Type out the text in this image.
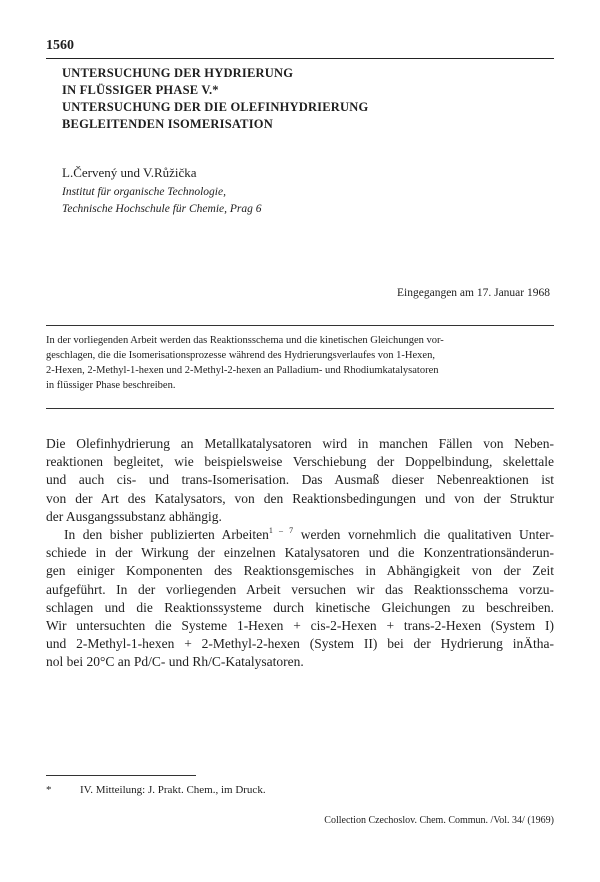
1560
UNTERSUCHUNG DER HYDRIERUNG
IN FLÜSSIGER PHASE V.*
UNTERSUCHUNG DER DIE OLEFINHYDRIERUNG
BEGLEITENDEN ISOMERISATION
L.Červený und V.Růžička
Institut für organische Technologie,
Technische Hochschule für Chemie, Prag 6
Eingegangen am 17. Januar 1968
In der vorliegenden Arbeit werden das Reaktionsschema und die kinetischen Gleichungen vor-
geschlagen, die die Isomerisationsprozesse während des Hydrierungsverlaufes von 1-Hexen,
2-Hexen, 2-Methyl-1-hexen und 2-Methyl-2-hexen an Palladium- und Rhodiumkatalysatoren
in flüssiger Phase beschreiben.
Die Olefinhydrierung an Metallkatalysatoren wird in manchen Fällen von Neben-
reaktionen begleitet, wie beispielsweise Verschiebung der Doppelbindung, skelettale
und auch cis- und trans-Isomerisation. Das Ausmaß dieser Nebenreaktionen ist
von der Art des Katalysators, von den Reaktionsbedingungen und von der Struktur
der Ausgangssubstanz abhängig.
In den bisher publizierten Arbeiten$^{1 - 7}$ werden vornehmlich die qualitativen Unter-
schiede in der Wirkung der einzelnen Katalysatoren und die Konzentrationsänderun-
gen einiger Komponenten des Reaktionsgemisches in Abhängigkeit von der Zeit
aufgeführt. In der vorliegenden Arbeit versuchen wir das Reaktionsschema vorzu-
schlagen und die Reaktionssysteme durch kinetische Gleichungen zu beschreiben.
Wir untersuchten die Systeme 1-Hexen + cis-2-Hexen + trans-2-Hexen (System I)
und 2-Methyl-1-hexen + 2-Methyl-2-hexen (System II) bei der Hydrierung inÄtha-
nol bei 20°C an Pd/C- und Rh/C-Katalysatoren.
*	IV. Mitteilung: J. Prakt. Chem., im Druck.
Collection Czechoslov. Chem. Commun. /Vol. 34/ (1969)
